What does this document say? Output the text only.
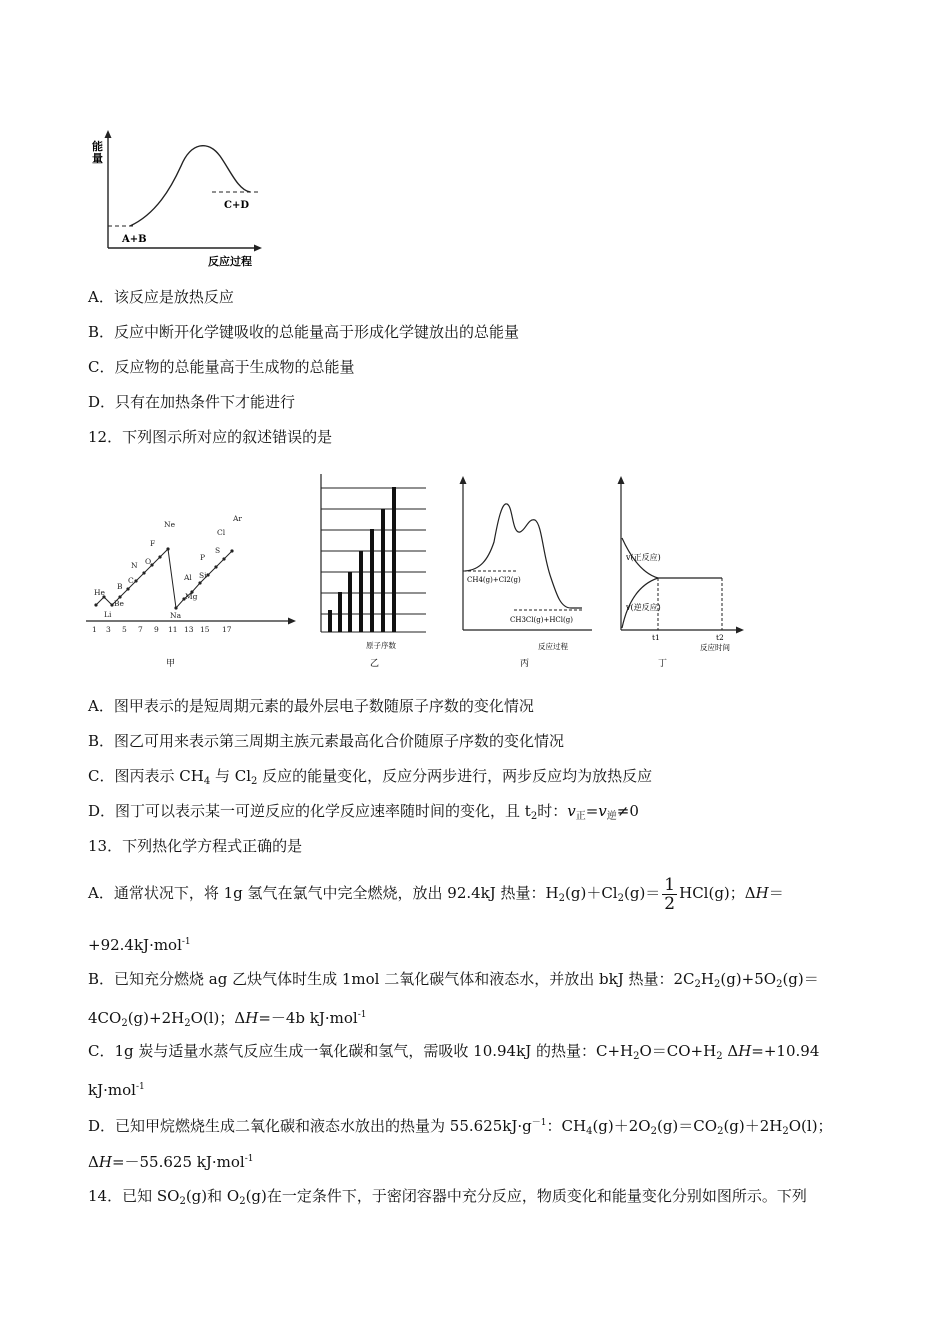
能
量
A+B
C+D
反应过程
A．该反应是放热反应
B．反应中断开化学键吸收的总能量高于形成化学键放出的总能量
C．反应物的总能量高于生成物的总能量
D．只有在加热条件下才能进行
12．下列图示所对应的叙述错误的是
He
Li
Be
B
C
N O
F
Ne
Na
Mg
Al Si
P
S
Cl
Ar
1 3 5 7 9 11 13 15 17
甲
原子序数
乙
CH4(g)+Cl2(g)
CH3Cl(g)+HCl(g)
反应过程
丙
v(正反应)
v(逆反应)
t1	t2
反应时间
丁
A．图甲表示的是短周期元素的最外层电子数随原子序数的变化情况
B．图乙可用来表示第三周期主族元素最高化合价随原子序数的变化情况
C．图丙表示 $CH_4$ 与 $Cl_2$ 反应的能量变化，反应分两步进行，两步反应均为放热反应
D．图丁可以表示某一可逆反应的化学反应速率随时间的变化，且 $t_2$时：$v_正=v_逆\ne 0$
13．下列热化学方程式正确的是
A．通常状况下，将 1g 氢气在氯气中完全燃烧，放出 92.4kJ 热量：$H_2(g)+Cl_2(g)= \frac{1}{2} HCl(g)$；ΔH＝
+92.4kJ·mol$^{-1}$
B．已知充分燃烧 ag 乙炔气体时生成 1mol 二氧化碳气体和液态水，并放出 bkJ 热量：$2C_2H_2(g)+5O_2(g)=$
$4CO_2(g)+2H_2O(l)$；ΔH=－4b kJ·mol$^{-1}$
C．1g 炭与适量水蒸气反应生成一氧化碳和氢气，需吸收 10.94kJ 的热量：$C+H_2O=CO+H_2$ ΔH=+10.94
kJ·mol$^{-1}$
D．已知甲烷燃烧生成二氧化碳和液态水放出的热量为 $55.625kJ\cdot g^{-1}$：$CH_4(g)+2O_2(g)=CO_2(g)+2H_2O(l)$；
ΔH=－55.625 kJ·mol$^{-1}$
14．已知 $SO_2(g)$和 $O_2(g)$在一定条件下，于密闭容器中充分反应，物质变化和能量变化分别如图所示。下列
